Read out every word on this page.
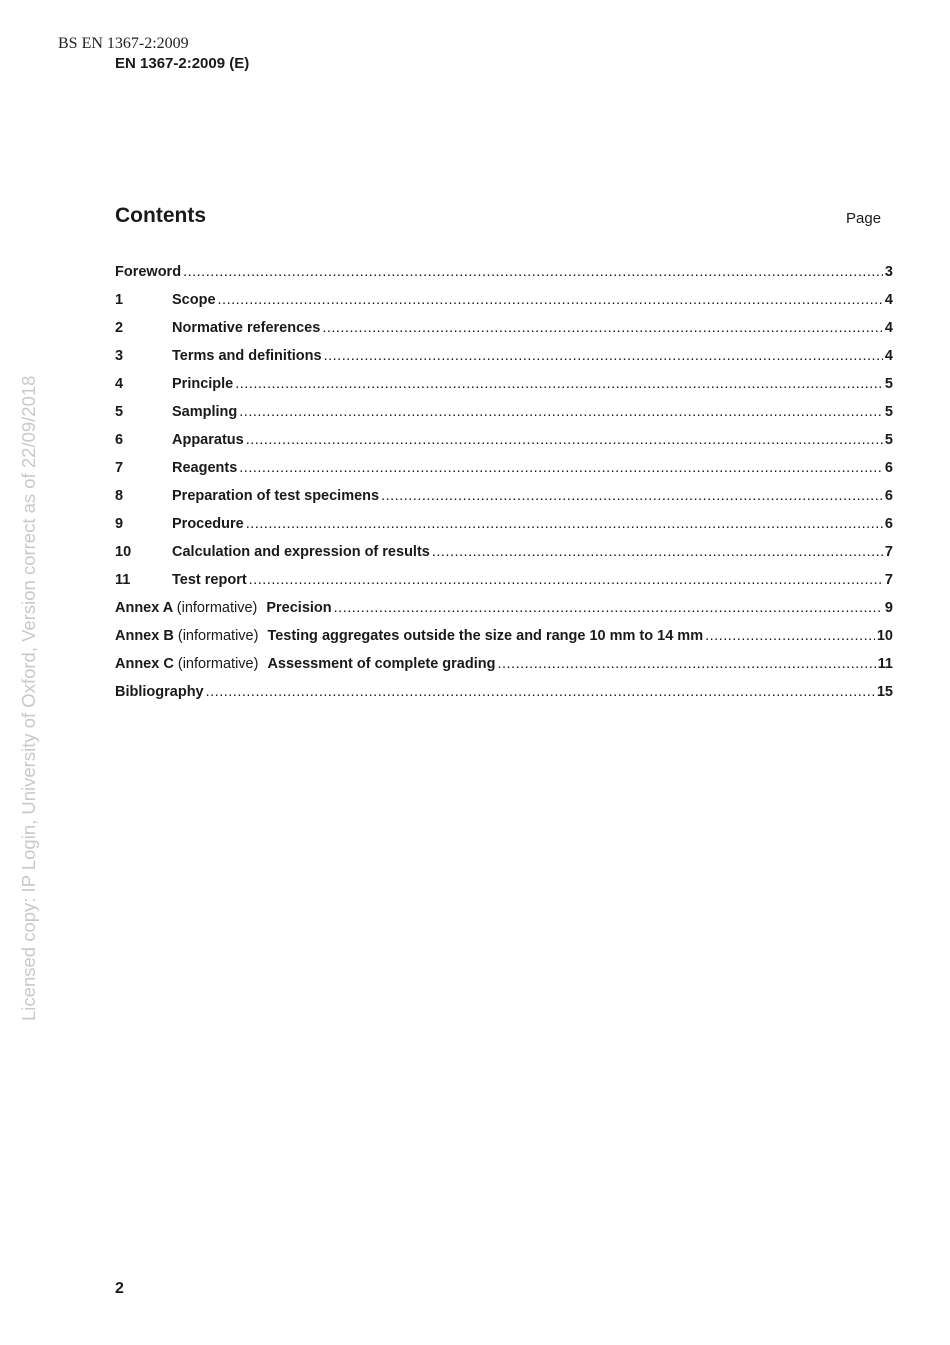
BS EN 1367-2:2009
EN 1367-2:2009 (E)
Contents	Page
Foreword .....	3
1	Scope .....	4
2	Normative references .....	4
3	Terms and definitions .....	4
4	Principle .....	5
5	Sampling .....	5
6	Apparatus .....	5
7	Reagents .....	6
8	Preparation of test specimens .....	6
9	Procedure .....	6
10	Calculation and expression of results .....	7
11	Test report .....	7
Annex A (informative) Precision .....	9
Annex B (informative) Testing aggregates outside the size and range 10 mm to 14 mm .....	10
Annex C (informative) Assessment of complete grading .....	11
Bibliography .....	15
Licensed copy: IP Login, University of Oxford, Version correct as of 22/09/2018
2
